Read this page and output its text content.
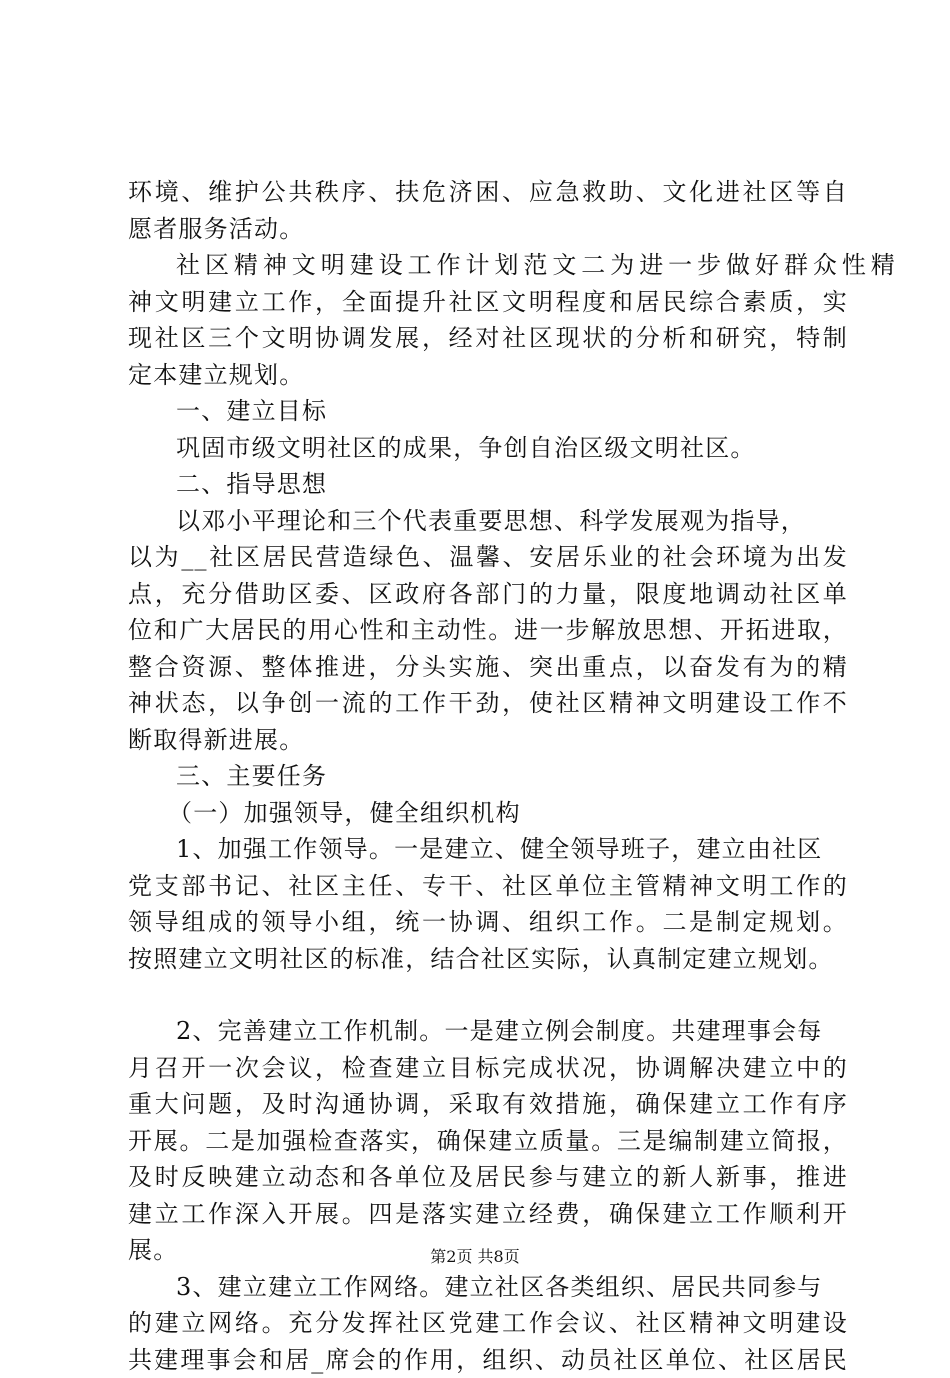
环境、维护公共秩序、扶危济困、应急救助、文化进社区等自
愿者服务活动。
社区精神文明建设工作计划范文二为进一步做好群众性精
神文明建立工作，全面提升社区文明程度和居民综合素质，实
现社区三个文明协调发展，经对社区现状的分析和研究，特制
定本建立规划。
一、建立目标
巩固市级文明社区的成果，争创自治区级文明社区。
二、指导思想
以邓小平理论和三个代表重要思想、科学发展观为指导，
以为__社区居民营造绿色、温馨、安居乐业的社会环境为出发
点，充分借助区委、区政府各部门的力量，限度地调动社区单
位和广大居民的用心性和主动性。进一步解放思想、开拓进取，
整合资源、整体推进，分头实施、突出重点，以奋发有为的精
神状态，以争创一流的工作干劲，使社区精神文明建设工作不
断取得新进展。
三、主要任务
（一）加强领导，健全组织机构
1、加强工作领导。一是建立、健全领导班子，建立由社区
党支部书记、社区主任、专干、社区单位主管精神文明工作的
领导组成的领导小组，统一协调、组织工作。二是制定规划。
按照建立文明社区的标准，结合社区实际，认真制定建立规划。
2、完善建立工作机制。一是建立例会制度。共建理事会每
月召开一次会议，检查建立目标完成状况，协调解决建立中的
重大问题，及时沟通协调，采取有效措施，确保建立工作有序
开展。二是加强检查落实，确保建立质量。三是编制建立简报，
及时反映建立动态和各单位及居民参与建立的新人新事，推进
建立工作深入开展。四是落实建立经费，确保建立工作顺利开
展。
3、建立建立工作网络。建立社区各类组织、居民共同参与
的建立网络。充分发挥社区党建工作会议、社区精神文明建设
共建理事会和居_席会的作用，组织、动员社区单位、社区居民
第2页 共8页
